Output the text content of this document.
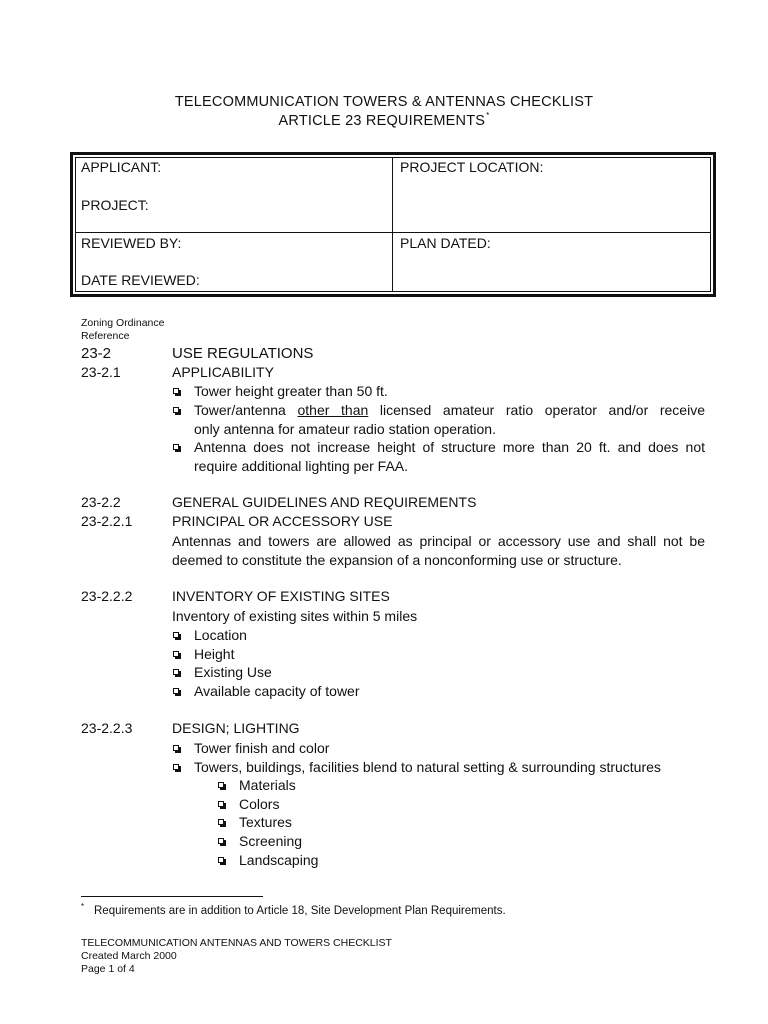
TELECOMMUNICATION TOWERS & ANTENNAS CHECKLIST
ARTICLE 23 REQUIREMENTS*
APPLICANT:
PROJECT:
PROJECT LOCATION:
REVIEWED BY:
DATE REVIEWED:
PLAN DATED:
Zoning Ordinance
Reference
23-2	USE REGULATIONS
23-2.1	APPLICABILITY
Tower height greater than 50 ft.
Tower/antenna other than licensed amateur ratio operator and/or receive
only antenna for amateur radio station operation.
Antenna does not increase height of structure more than 20 ft. and does not
require additional lighting per FAA.
23-2.2	GENERAL GUIDELINES AND REQUIREMENTS
23-2.2.1	PRINCIPAL OR ACCESSORY USE
Antennas and towers are allowed as principal or accessory use and shall not be
deemed to constitute the expansion of a nonconforming use or structure.
23-2.2.2	INVENTORY OF EXISTING SITES
Inventory of existing sites within 5 miles
Location
Height
Existing Use
Available capacity of tower
23-2.2.3	DESIGN; LIGHTING
Tower finish and color
Towers, buildings, facilities blend to natural setting & surrounding structures
Materials
Colors
Textures
Screening
Landscaping
* Requirements are in addition to Article 18, Site Development Plan Requirements.
TELECOMMUNICATION ANTENNAS AND TOWERS CHECKLIST
Created March 2000
Page 1 of 4
